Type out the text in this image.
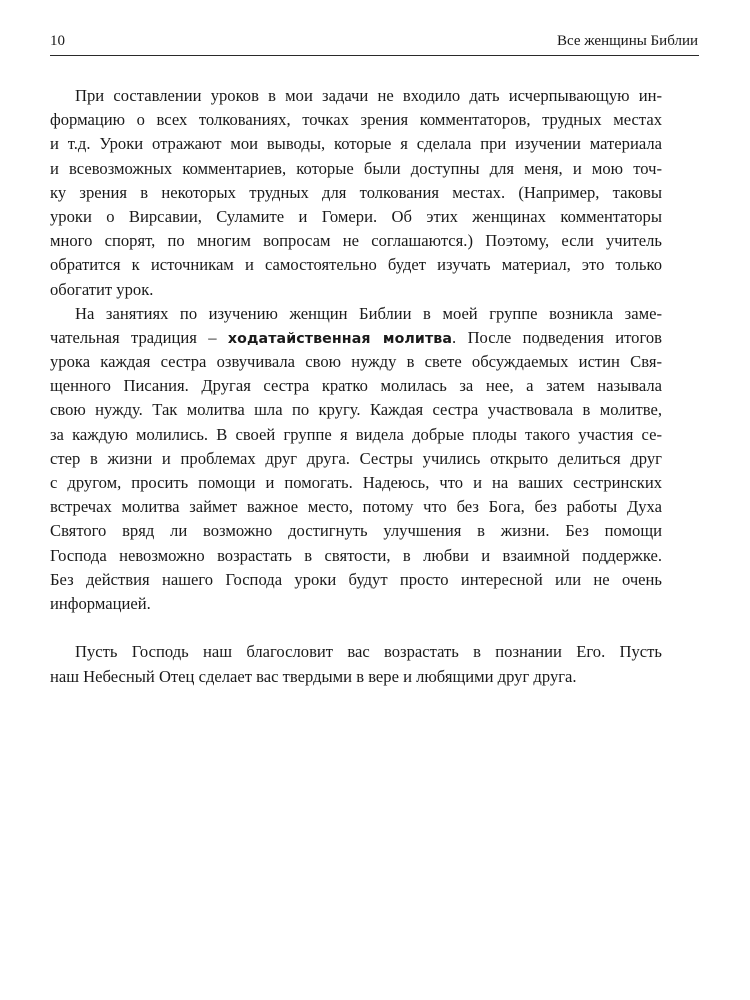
10	Все женщины Библии
При составлении уроков в мои задачи не входило дать исчерпывающую ин-
формацию о всех толкованиях, точках зрения комментаторов, трудных местах
и т.д. Уроки отражают мои выводы, которые я сделала при изучении материала
и всевозможных комментариев, которые были доступны для меня, и мою точ-
ку зрения в некоторых трудных для толкования местах. (Например, таковы
уроки о Вирсавии, Суламите и Гомери. Об этих женщинах комментаторы
много спорят, по многим вопросам не соглашаются.) Поэтому, если учитель
обратится к источникам и самостоятельно будет изучать материал, это только
обогатит урок.
На занятиях по изучению женщин Библии в моей группе возникла заме-
чательная традиция – ходатайственная молитва. После подведения итогов
урока каждая сестра озвучивала свою нужду в свете обсуждаемых истин Свя-
щенного Писания. Другая сестра кратко молилась за нее, а затем называла
свою нужду. Так молитва шла по кругу. Каждая сестра участвовала в молитве,
за каждую молились. В своей группе я видела добрые плоды такого участия се-
стер в жизни и проблемах друг друга. Сестры учились открыто делиться друг
с другом, просить помощи и помогать. Надеюсь, что и на ваших сестринских
встречах молитва займет важное место, потому что без Бога, без работы Духа
Святого вряд ли возможно достигнуть улучшения в жизни. Без помощи
Господа невозможно возрастать в святости, в любви и взаимной поддержке.
Без действия нашего Господа уроки будут просто интересной или не очень
информацией.
Пусть Господь наш благословит вас возрастать в познании Его. Пусть
наш Небесный Отец сделает вас твердыми в вере и любящими друг друга.
